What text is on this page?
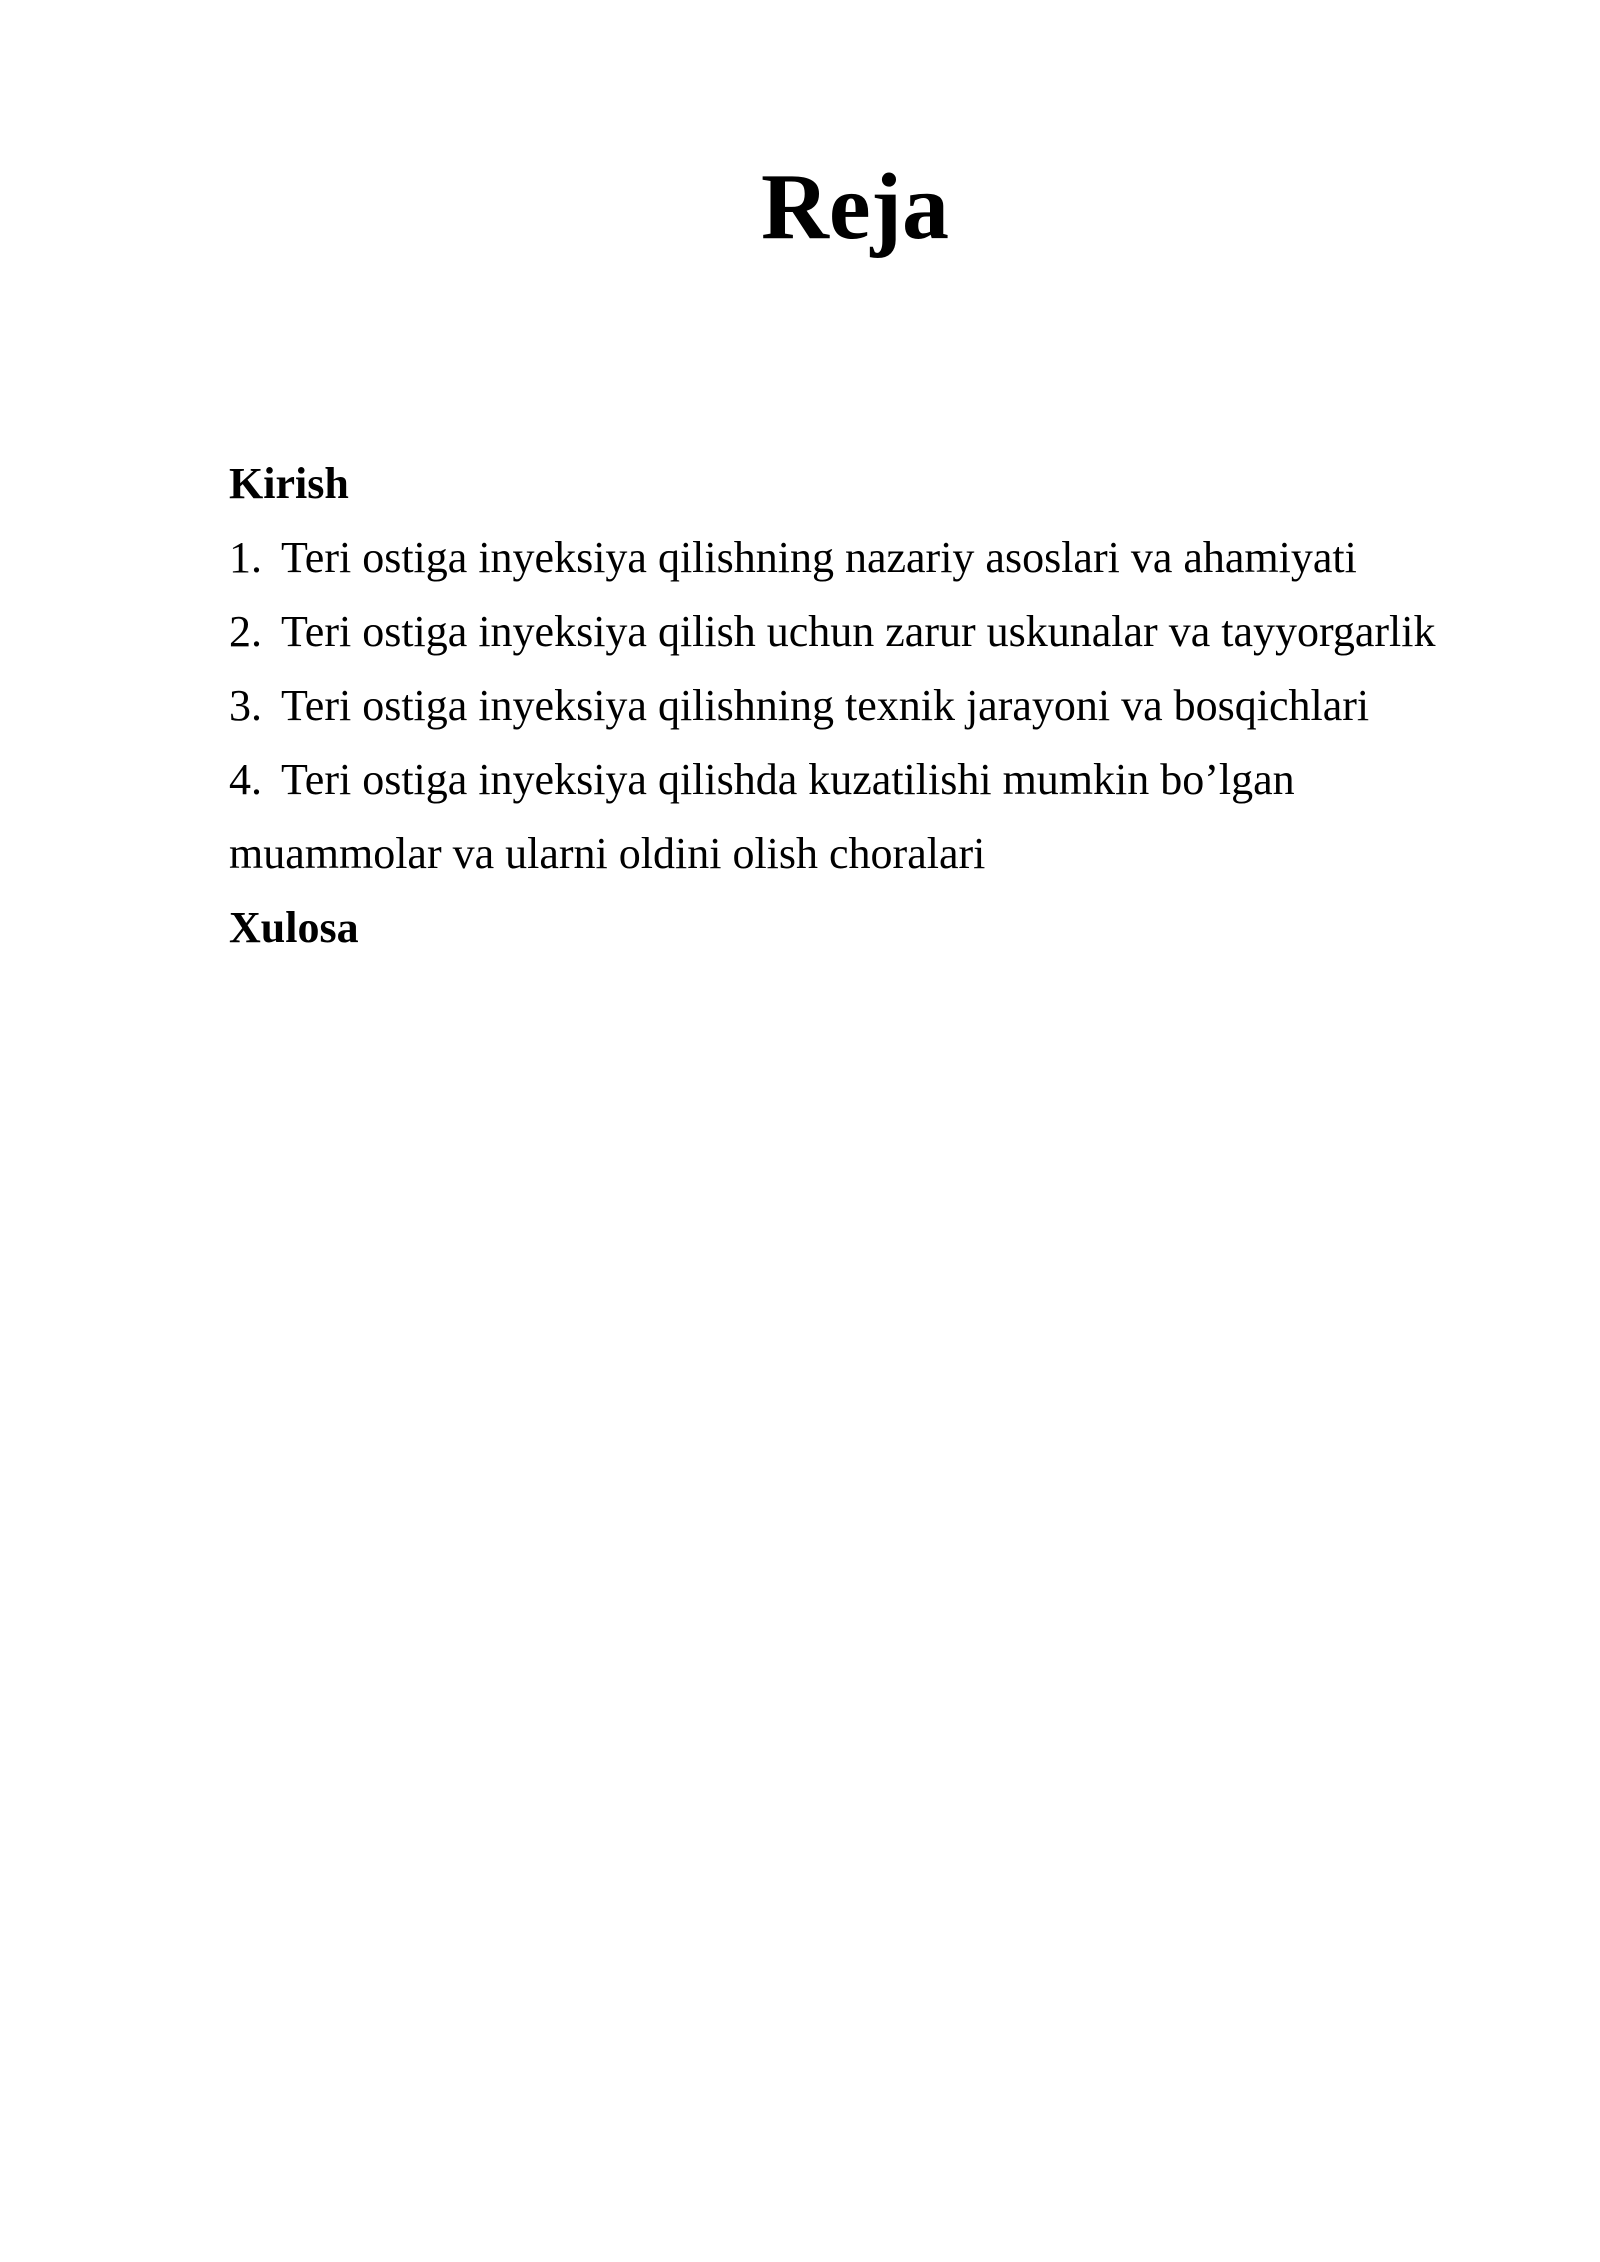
Reja
Kirish
1. Teri ostiga inyeksiya qilishning nazariy asoslari va ahamiyati
2. Teri ostiga inyeksiya qilish uchun zarur uskunalar va tayyorgarlik
3. Teri ostiga inyeksiya qilishning texnik jarayoni va bosqichlari
4. Teri ostiga inyeksiya qilishda kuzatilishi mumkin bo’lgan
muammolar va ularni oldini olish choralari
Xulosa
